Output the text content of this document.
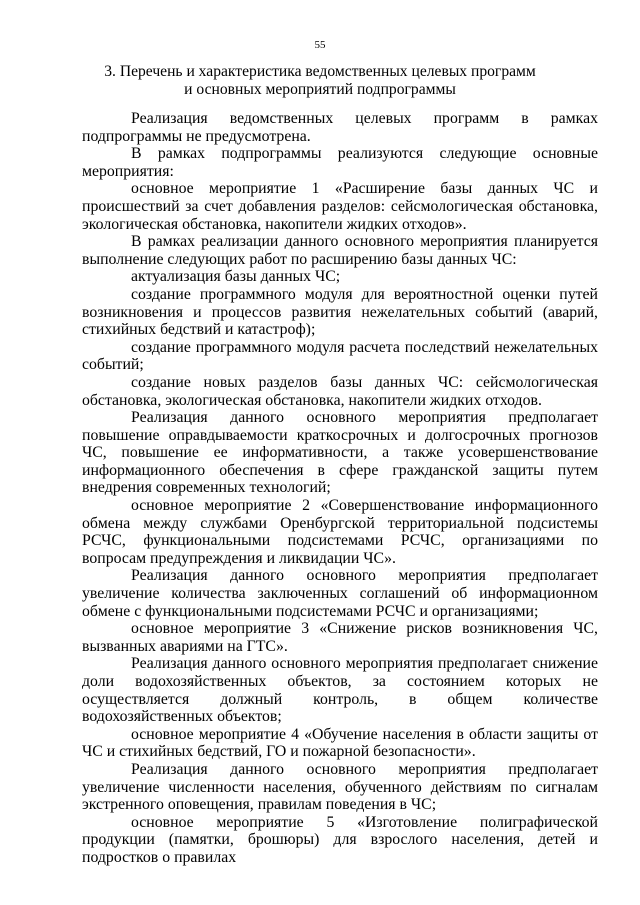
55
3. Перечень и характеристика ведомственных целевых программ и основных мероприятий подпрограммы

Реализация ведомственных целевых программ в рамках подпрограммы не предусмотрена.

В рамках подпрограммы реализуются следующие основные мероприятия:

основное мероприятие 1 «Расширение базы данных ЧС и происшествий за счет добавления разделов: сейсмологическая обстановка, экологическая обстановка, накопители жидких отходов».

В рамках реализации данного основного мероприятия планируется выполнение следующих работ по расширению базы данных ЧС:

актуализация базы данных ЧС;

создание программного модуля для вероятностной оценки путей возникновения и процессов развития нежелательных событий (аварий, стихийных бедствий и катастроф);

создание программного модуля расчета последствий нежелательных событий;

создание новых разделов базы данных ЧС: сейсмологическая обстановка, экологическая обстановка, накопители жидких отходов.

Реализация данного основного мероприятия предполагает повышение оправдываемости краткосрочных и долгосрочных прогнозов ЧС, повышение ее информативности, а также усовершенствование информационного обеспечения в сфере гражданской защиты путем внедрения современных технологий;

основное мероприятие 2 «Совершенствование информационного обмена между службами Оренбургской территориальной подсистемы РСЧС, функциональными подсистемами РСЧС, организациями по вопросам предупреждения и ликвидации ЧС».

Реализация данного основного мероприятия предполагает увеличение количества заключенных соглашений об информационном обмене с функциональными подсистемами РСЧС и организациями;

основное мероприятие 3 «Снижение рисков возникновения ЧС, вызванных авариями на ГТС».

Реализация данного основного мероприятия предполагает снижение доли водохозяйственных объектов, за состоянием которых не осуществляется должный контроль, в общем количестве водохозяйственных объектов;

основное мероприятие 4 «Обучение населения в области защиты от ЧС и стихийных бедствий, ГО и пожарной безопасности».

Реализация данного основного мероприятия предполагает увеличение численности населения, обученного действиям по сигналам экстренного оповещения, правилам поведения в ЧС;

основное мероприятие 5 «Изготовление полиграфической продукции (памятки, брошюры) для взрослого населения, детей и подростков о правилах
